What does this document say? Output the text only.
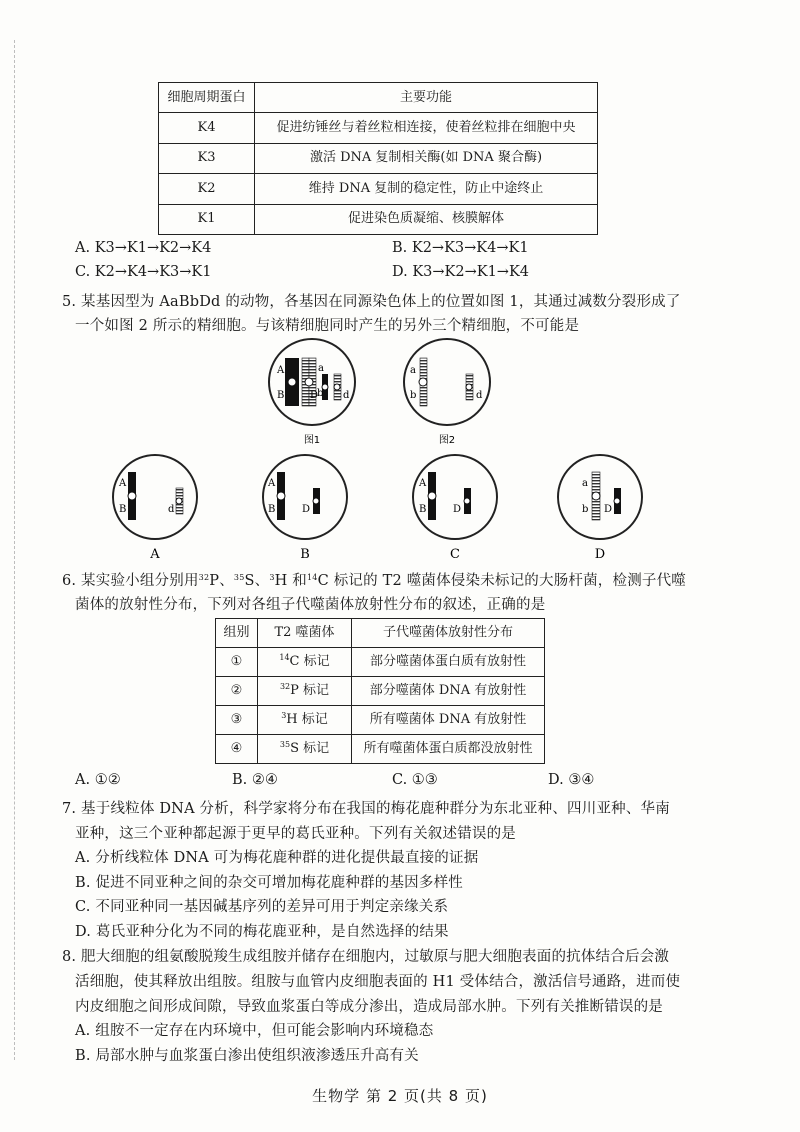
细胞周期蛋白	主要功能
K4	促进纺锤丝与着丝粒相连接，使着丝粒排在细胞中央
K3	激活 DNA 复制相关酶(如 DNA 聚合酶)
K2	维持 DNA 复制的稳定性，防止中途终止
K1	促进染色质凝缩、核膜解体
A. K3→K1→K2→K4	B. K2→K3→K4→K1
C. K2→K4→K3→K1	D. K3→K2→K1→K4
5. 某基因型为 AaBbDd 的动物，各基因在同源染色体上的位置如图 1，其通过减数分裂形成了
一个如图 2 所示的精细胞。与该精细胞同时产生的另外三个精细胞，不可能是
A
B
a
b
D d
图1
a
b	d
图2
A
B	d
A
A
B	D
B
A
B	D
C
a
b D
D
6. 某实验小组分别用$^{32}$P、$^{35}$S、$^3$H 和$^{14}$C 标记的 T2 噬菌体侵染未标记的大肠杆菌，检测子代噬
菌体的放射性分布，下列对各组子代噬菌体放射性分布的叙述，正确的是
组别	T2 噬菌体	子代噬菌体放射性分布
①	$^{14}$C 标记	部分噬菌体蛋白质有放射性
②	$^{32}$P 标记	部分噬菌体 DNA 有放射性
③	$^3$H 标记	所有噬菌体 DNA 有放射性
④	$^{35}$S 标记	所有噬菌体蛋白质都没放射性
A. ①②	B. ②④	C. ①③	D. ③④
7. 基于线粒体 DNA 分析，科学家将分布在我国的梅花鹿种群分为东北亚种、四川亚种、华南
亚种，这三个亚种都起源于更早的葛氏亚种。下列有关叙述错误的是
A. 分析线粒体 DNA 可为梅花鹿种群的进化提供最直接的证据
B. 促进不同亚种之间的杂交可增加梅花鹿种群的基因多样性
C. 不同亚种同一基因碱基序列的差异可用于判定亲缘关系
D. 葛氏亚种分化为不同的梅花鹿亚种，是自然选择的结果
8. 肥大细胞的组氨酸脱羧生成组胺并储存在细胞内，过敏原与肥大细胞表面的抗体结合后会激
活细胞，使其释放出组胺。组胺与血管内皮细胞表面的 H1 受体结合，激活信号通路，进而使
内皮细胞之间形成间隙，导致血浆蛋白等成分渗出，造成局部水肿。下列有关推断错误的是
A. 组胺不一定存在内环境中，但可能会影响内环境稳态
B. 局部水肿与血浆蛋白渗出使组织液渗透压升高有关
生物学 第 2 页(共 8 页)
